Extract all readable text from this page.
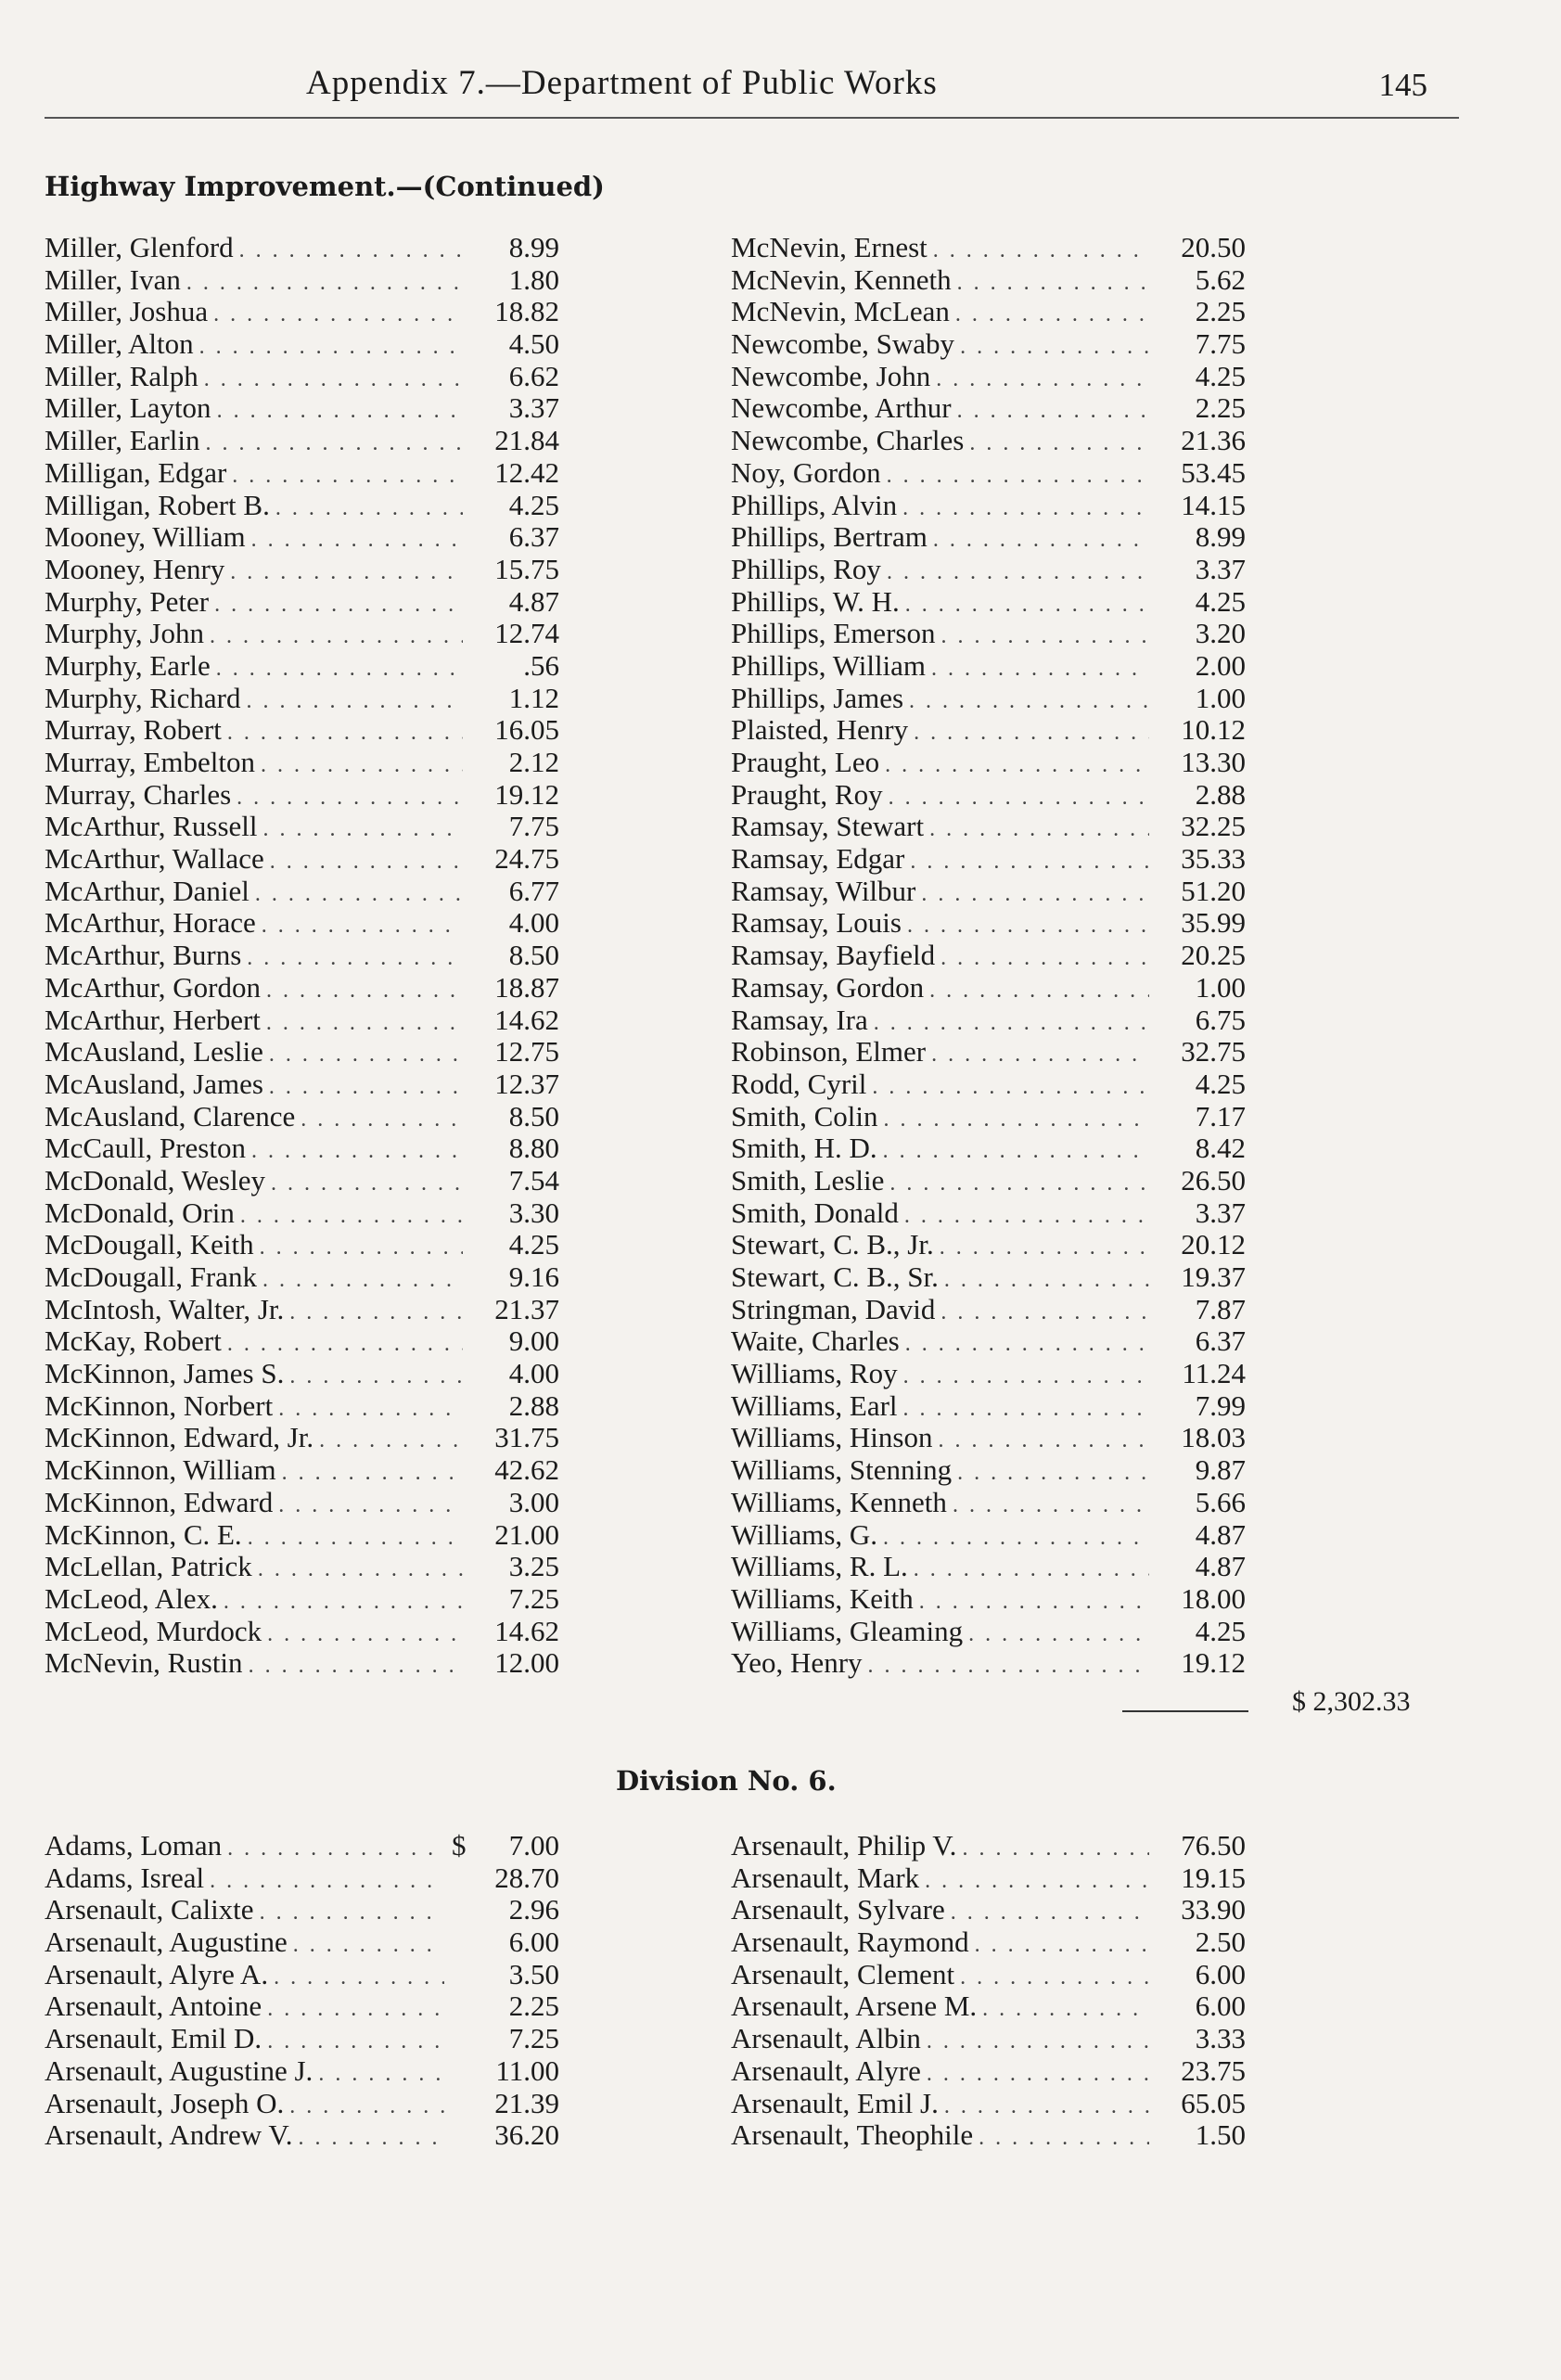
Appendix 7.—Department of Public Works	145
Highway Improvement.—(Continued)
Miller, Glenford . . .	8.99
Miller, Ivan . . .	1.80
Miller, Joshua . . .	18.82
Miller, Alton . . .	4.50
Miller, Ralph . . .	6.62
Miller, Layton . . .	3.37
Miller, Earlin . . .	21.84
Milligan, Edgar . . .	12.42
Milligan, Robert B. . . .	4.25
Mooney, William . . .	6.37
Mooney, Henry . . .	15.75
Murphy, Peter . . .	4.87
Murphy, John . . .	12.74
Murphy, Earle . . .	.56
Murphy, Richard . . .	1.12
Murray, Robert . . .	16.05
Murray, Embelton . . .	2.12
Murray, Charles . . .	19.12
McArthur, Russell . . .	7.75
McArthur, Wallace . . .	24.75
McArthur, Daniel . . .	6.77
McArthur, Horace . . .	4.00
McArthur, Burns . . .	8.50
McArthur, Gordon . . .	18.87
McArthur, Herbert . . .	14.62
McAusland, Leslie . . .	12.75
McAusland, James . . .	12.37
McAusland, Clarence . . .	8.50
McCaull, Preston . . .	8.80
McDonald, Wesley . . .	7.54
McDonald, Orin . . .	3.30
McDougall, Keith . . .	4.25
McDougall, Frank . . .	9.16
McIntosh, Walter, Jr. . . .	21.37
McKay, Robert . . .	9.00
McKinnon, James S. . . .	4.00
McKinnon, Norbert . . .	2.88
McKinnon, Edward, Jr. . . .	31.75
McKinnon, William . . .	42.62
McKinnon, Edward . . .	3.00
McKinnon, C. E. . . .	21.00
McLellan, Patrick . . .	3.25
McLeod, Alex. . . .	7.25
McLeod, Murdock . . .	14.62
McNevin, Rustin . . .	12.00
McNevin, Ernest . . .	20.50
McNevin, Kenneth . . .	5.62
McNevin, McLean . . .	2.25
Newcombe, Swaby . . .	7.75
Newcombe, John . . .	4.25
Newcombe, Arthur . . .	2.25
Newcombe, Charles . . .	21.36
Noy, Gordon . . .	53.45
Phillips, Alvin . . .	14.15
Phillips, Bertram . . .	8.99
Phillips, Roy . . .	3.37
Phillips, W. H. . . .	4.25
Phillips, Emerson . . .	3.20
Phillips, William . . .	2.00
Phillips, James . . .	1.00
Plaisted, Henry . . .	10.12
Praught, Leo . . .	13.30
Praught, Roy . . .	2.88
Ramsay, Stewart . . .	32.25
Ramsay, Edgar . . .	35.33
Ramsay, Wilbur . . .	51.20
Ramsay, Louis . . .	35.99
Ramsay, Bayfield . . .	20.25
Ramsay, Gordon . . .	1.00
Ramsay, Ira . . .	6.75
Robinson, Elmer . . .	32.75
Rodd, Cyril . . .	4.25
Smith, Colin . . .	7.17
Smith, H. D. . . .	8.42
Smith, Leslie . . .	26.50
Smith, Donald . . .	3.37
Stewart, C. B., Jr. . . .	20.12
Stewart, C. B., Sr. . . .	19.37
Stringman, David . . .	7.87
Waite, Charles . . .	6.37
Williams, Roy . . .	11.24
Williams, Earl . . .	7.99
Williams, Hinson . . .	18.03
Williams, Stenning . . .	9.87
Williams, Kenneth . . .	5.66
Williams, G. . . .	4.87
Williams, R. L. . . .	4.87
Williams, Keith . . .	18.00
Williams, Gleaming . . .	4.25
Yeo, Henry . . .	19.12
$ 2,302.33
Division No. 6.
Adams, Loman . . .	$	7.00
Adams, Isreal . . .	28.70
Arsenault, Calixte . . .	2.96
Arsenault, Augustine . . .	6.00
Arsenault, Alyre A. . . .	3.50
Arsenault, Antoine . . .	2.25
Arsenault, Emil D. . . .	7.25
Arsenault, Augustine J. . . .	11.00
Arsenault, Joseph O. . . .	21.39
Arsenault, Andrew V. . . .	36.20
Arsenault, Philip V. . . .	76.50
Arsenault, Mark . . .	19.15
Arsenault, Sylvare . . .	33.90
Arsenault, Raymond . . .	2.50
Arsenault, Clement . . .	6.00
Arsenault, Arsene M. . . .	6.00
Arsenault, Albin . . .	3.33
Arsenault, Alyre . . .	23.75
Arsenault, Emil J. . . .	65.05
Arsenault, Theophile . . .	1.50
